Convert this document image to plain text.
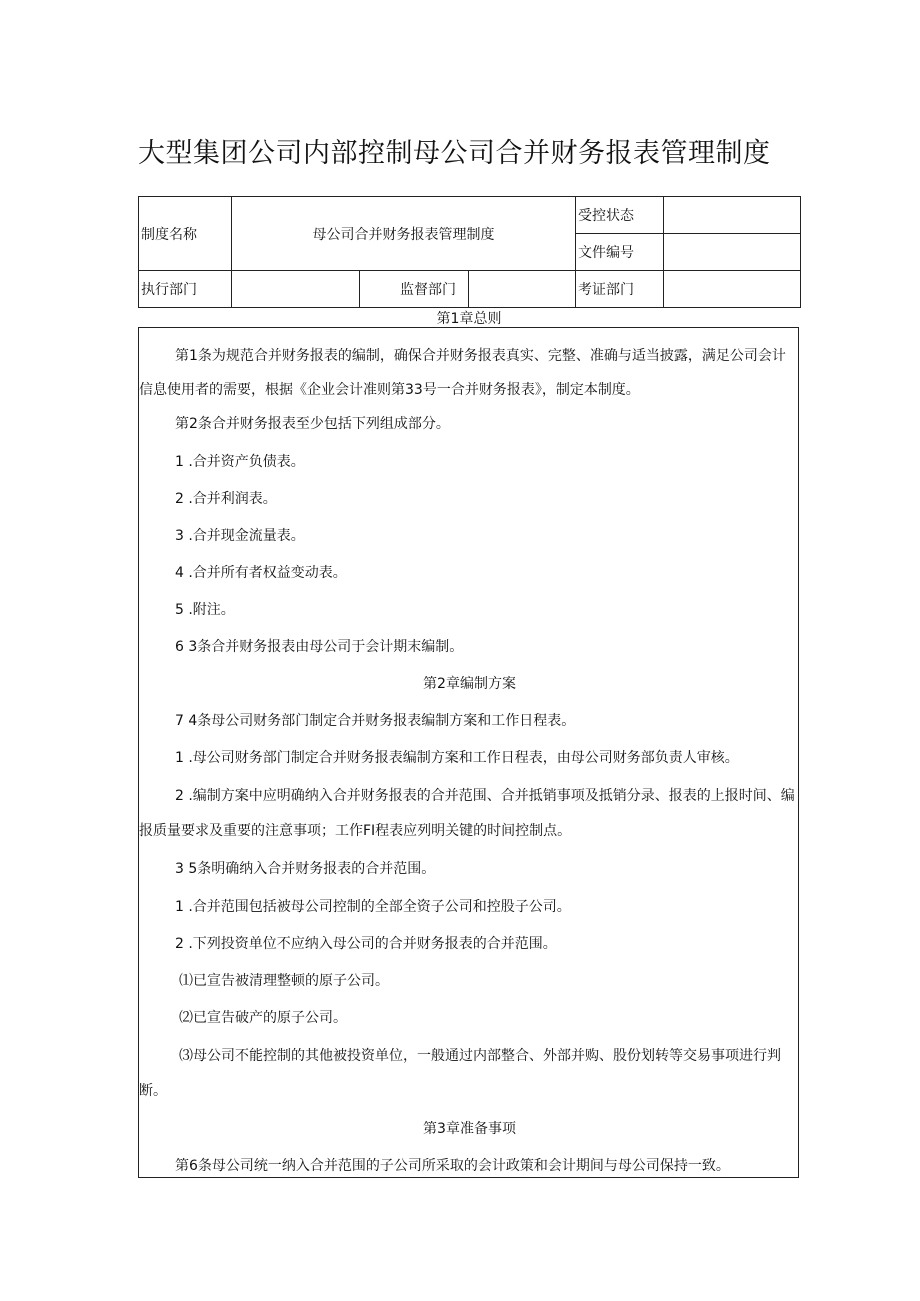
大型集团公司内部控制母公司合并财务报表管理制度
制度名称	母公司合并财务报表管理制度			受控状态	
				文件编号	
执行部门		监督部门		考证部门	
第1章总则
第1条为规范合并财务报表的编制，确保合并财务报表真实、完整、准确与适当披露，满足公司会计
信息使用者的需要，根据《企业会计准则第33号一合并财务报表》，制定本制度。
第2条合并财务报表至少包括下列组成部分。
1 .合并资产负债表。
2 .合并利润表。
3 .合并现金流量表。
4 .合并所有者权益变动表。
5 .附注。
6 3条合并财务报表由母公司于会计期末编制。
第2章编制方案
7 4条母公司财务部门制定合并财务报表编制方案和工作日程表。
1 .母公司财务部门制定合并财务报表编制方案和工作日程表，由母公司财务部负责人审核。
2 .编制方案中应明确纳入合并财务报表的合并范围、合并抵销事项及抵销分录、报表的上报时间、编
报质量要求及重要的注意事项；工作FI程表应列明关键的时间控制点。
3 5条明确纳入合并财务报表的合并范围。
1 .合并范围包括被母公司控制的全部全资子公司和控股子公司。
2 .下列投资单位不应纳入母公司的合并财务报表的合并范围。
⑴已宣告被清理整顿的原子公司。
⑵已宣告破产的原子公司。
⑶母公司不能控制的其他被投资单位，一般通过内部整合、外部并购、股份划转等交易事项进行判
断。
第3章准备事项
第6条母公司统一纳入合并范围的子公司所采取的会计政策和会计期间与母公司保持一致。
